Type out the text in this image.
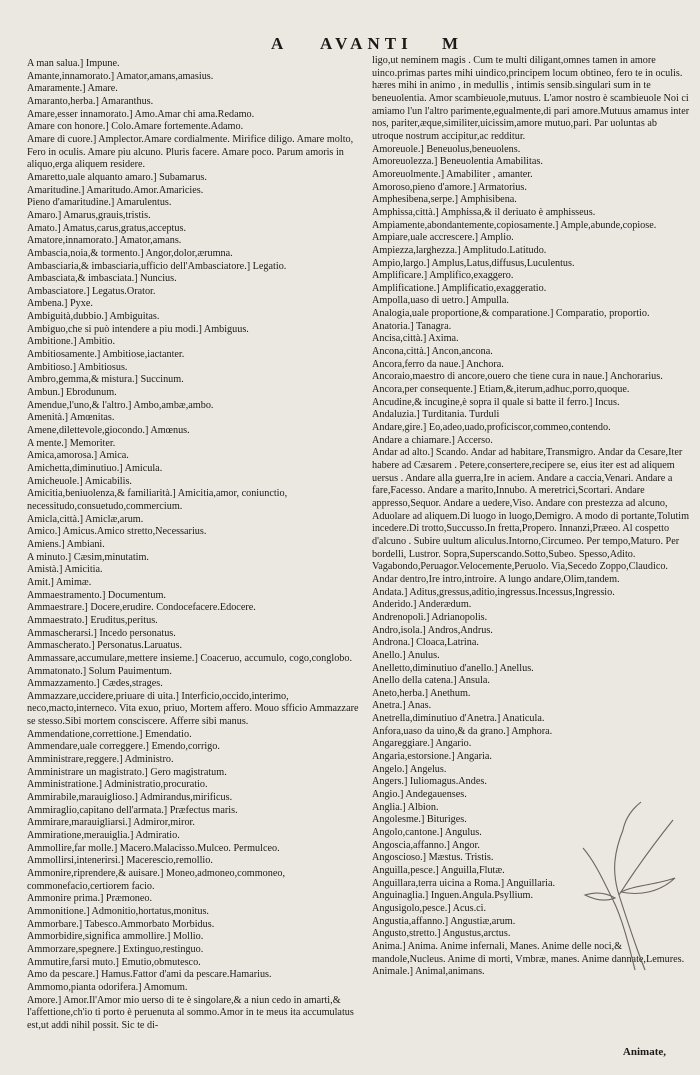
A AVANTI M

A man salua.] Impune.

Amante,innamorato.] Amator,amans,amasius.

Amaramente.] Amare.

Amaranto,herba.] Amaranthus.

Amare,esser innamorato.] Amo.Amar chi ama.Redamo.

Amare con honore.] Colo.Amare fortemente.Adamo.

Amare di cuore.] Amplector.Amare cordialmente. Mirifice diligo. Amare molto, Fero in oculis. Amare piu alcuno. Pluris facere. Amare poco. Parum amoris in aliquo,erga aliquem residere.

Amaretto,uale alquanto amaro.] Subamarus.

Amaritudine.] Amaritudo.Amor.Amaricies.

Pieno d'amaritudine.] Amarulentus.

Amaro.] Amarus,grauis,tristis.

Amato.] Amatus,carus,gratus,acceptus.

Amatore,innamorato.] Amator,amans.

Ambascia,noia,& tormento.] Angor,dolor,ærumna.

Ambasciaria,& imbasciaria,ufficio dell'Ambasciatore.] Legatio.

Ambasciata,& imbasciata.] Nuncius.

Ambasciatore.] Legatus.Orator.

Ambena.] Pyxe.

Ambiguità,dubbio.] Ambiguitas.

Ambiguo,che si può intendere a piu modi.] Ambiguus.

Ambitione.] Ambitio.

Ambitiosamente.] Ambitiose,iactanter.

Ambitioso.] Ambitiosus.

Ambro,gemma,& mistura.] Succinum.

Ambun.] Ebrodunum.

Amendue,l'uno,& l'altro.] Ambo,ambæ,ambo.

Amenità.] Amœnitas.

Amene,dilettevole,giocondo.] Amœnus.

A mente.] Memoriter.

Amica,amorosa.] Amica.

Amichetta,diminutiuo.] Amicula.

Amicheuole.] Amicabilis.

Amicitia,beniuolenza,& familiarità.] Amicitia,amor, coniunctio, necessitudo,consuetudo,commercium.

Amicla,città.] Amiclæ,arum.

Amico.] Amicus.Amico stretto,Necessarius.

Amiens.] Ambiani.

A minuto.] Cæsim,minutatim.

Amistà.] Amicitia.

Amit.] Amimæ.

Ammaestramento.] Documentum.

Ammaestrare.] Docere,erudire. Condocefacere.Edocere.

Ammaestrato.] Eruditus,peritus.

Ammascherarsi.] Incedo personatus.

Ammascherato.] Personatus.Laruatus.

Ammassare,accumulare,mettere insieme.] Coaceruo, accumulo, cogo,conglobo.

Ammatonato.] Solum Pauimentum.

Ammazzamento.] Cædes,strages.

Ammazzare,uccidere,priuare di uita.] Interficio,occido,interimo, neco,macto,interneco. Vita exuo, priuo, Mortem affero. Mouo sfficio Ammazzare se stesso.Sibi mortem consciscere. Afferre sibi manus.

Ammendatione,correttione.] Emendatio.

Ammendare,uale correggere.] Emendo,corrigo.

Amministrare,reggere.] Administro.

Amministrare un magistrato.] Gero magistratum.

Amministratione.] Administratio,procuratio.

Ammirabile,marauiglioso.] Admirandus,mirificus.

Ammiraglio,capitano dell'armata.] Præfectus maris.

Ammirare,marauigliarsi.] Admiror,miror.

Ammiratione,merauiglia.] Admiratio.

Ammollire,far molle.] Macero.Malacisso.Mulceo. Permulceo.

Ammollirsi,intenerirsi.] Macerescio,remollio.

Ammonire,riprendere,& auisare.] Moneo,admoneo,commoneo, commonefacio,certiorem facio.

Ammonire prima.] Præmoneo.

Ammonitione.] Admonitio,hortatus,monitus.

Ammorbare.] Tabesco.Ammorbato Morbidus.

Ammorbidire,significa ammollire.] Mollio.

Ammorzare,spegnere.] Extinguo,restinguo.

Ammutire,farsi muto.] Emutio,obmutesco.

Amo da pescare.] Hamus.Fattor d'ami da pescare.Hamarius.

Ammomo,pianta odorifera.] Amomum.

Amore.] Amor.Il'Amor mio uerso di te è singolare,& a niun cedo in amarti,& l'affettione,ch'io ti porto è peruenuta al sommo.Amor in te meus ita accumulatus est,ut addi nihil possit. Sic te di-

ligo,ut neminem magis . Cum te multi diligant,omnes tamen in amore uinco.primas partes mihi uindico,principem locum obtineo, fero te in oculis. hæres mihi in animo , in medullis , intimis sensib.singulari sum in te beneuolentia. Amor scambieuole,mutuus. L'amor nostro è scambieuole Noi ci amiamo l'un l'altro parimente,egualmente,di pari amore.Mutuus amamus inter nos, pariter,æque,similiter,uicissim,amore mutuo,pari. Par uoluntas ab utroque nostrum accipitur,ac redditur.

Amoreuole.] Beneuolus,beneuolens.

Amoreuolezza.] Beneuolentia Amabilitas.

Amoreuolmente.] Amabiliter , amanter.

Amoroso,pieno d'amore.] Armatorius.

Amphesibena,serpe.] Amphisibena.

Amphissa,città.] Amphissa,& il deriuato è amphisseus.

Ampiamente,abondantemente,copiosamente.] Ample,abunde,copiose.

Ampiare,uale accrescere.] Amplio.

Ampiezza,larghezza.] Amplitudo.Latitudo.

Ampio,largo.] Amplus,Latus,diffusus,Luculentus.

Amplificare.] Amplifico,exaggero.

Amplificatione.] Amplificatio,exaggeratio.

Ampolla,uaso di uetro.] Ampulla.

Analogia,uale proportione,& comparatione.] Comparatio, proportio.

Anatoria.] Tanagra.

Ancisa,città.] Axima.

Ancona,città.] Ancon,ancona.

Ancora,ferro da naue.] Anchora.

Ancoraio,maestro di ancore,ouero che tiene cura in naue.] Anchorarius.

Ancora,per consequente.] Etiam,&,iterum,adhuc,porro,quoque.

Ancudine,& incugine,è sopra il quale si batte il ferro.] Incus.

Andaluzia.] Turditania. Turduli

Andare,gire.] Eo,adeo,uado,proficiscor,commeo,contendo.

Andare a chiamare.] Accerso.

Andar ad alto.] Scando. Andar ad habitare,Transmigro. Andar da Cesare,Iter habere ad Cæsarem . Petere,consertere,recipere se, eius iter est ad aliquem uersus . Andare alla guerra,Ire in aciem. Andare a caccia,Venari. Andare a fare,Facesso. Andare a marito,Innubo. A meretrici,Scortari. Andare appresso,Sequor. Andare a uedere,Viso. Andare con prestezza ad alcuno, Aduolare ad aliquem.Di luogo in luogo,Demigro. A modo di portante,Tolutim incedere.Di trotto,Succusso.In fretta,Propero. Innanzi,Præeo. Al cospetto d'alcuno . Subire uultum aliculus.Intorno,Circumeo. Per tempo,Maturo. Per bordelli, Lustror. Sopra,Superscando.Sotto,Subeo. Spesso,Adito. Vagabondo,Peruagor.Velocemente,Peruolo. Via,Secedo Zoppo,Claudico. Andar dentro,Ire intro,introire. A lungo andare,Olim,tandem.

Andata.] Aditus,gressus,aditio,ingressus.Incessus,Ingressio.

Anderido.] Anderædum.

Andrenopoli.] Adrianopolis.

Andro,isola.] Andros,Andrus.

Androna.] Cloaca,Latrina.

Anello.] Anulus.

Anelletto,diminutiuo d'anello.] Anellus.

Anello della catena.] Ansula.

Aneto,herba.] Anethum.

Anetra.] Anas.

Anetrella,diminutiuo d'Anetra.] Anaticula.

Anfora,uaso da uino,& da grano.] Amphora.

Angareggiare.] Angario.

Angaria,estorsione.] Angaria.

Angelo.] Angelus.

Angers.] Iuliomagus.Andes.

Angio.] Andegauenses.

Anglia.] Albion.

Angolesme.] Bituriges.

Angolo,cantone.] Angulus.

Angoscia,affanno.] Angor.

Angoscioso.] Mæstus. Tristis.

Anguilla,pesce.] Anguilla,Flutæ.

Anguillara,terra uicina a Roma.] Anguillaria.

Anguinaglia.] Inguen.Angula.Psyllium.

Angusigolo,pesce.] Acus.ci.

Angustia,affanno.] Angustiæ,arum.

Angusto,stretto.] Angustus,arctus.

Anima.] Anima. Anime infernali, Manes. Anime delle noci,& mandole,Nucleus. Anime di morti, Vmbræ, manes. Anime dannate,Lemures.

Animale.] Animal,animans.

Animate,
